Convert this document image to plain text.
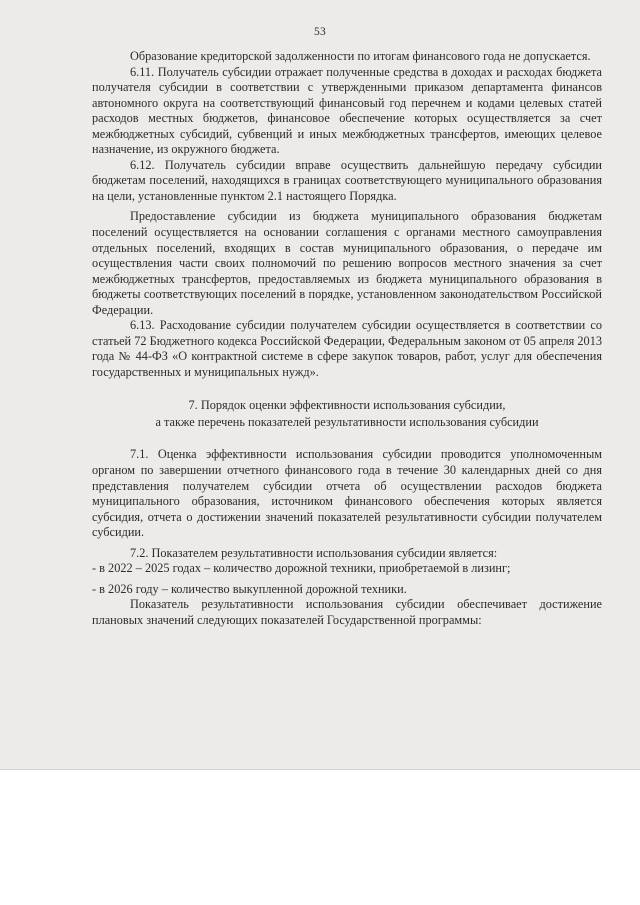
53

Образование кредиторской задолженности по итогам финансового года не допускается.

6.11. Получатель субсидии отражает полученные средства в доходах и расходах бюджета получателя субсидии в соответствии с утвержденными приказом департамента финансов автономного округа на соответствующий финансовый год перечнем и кодами целевых статей расходов местных бюджетов, финансовое обеспечение которых осуществляется за счет межбюджетных субсидий, субвенций и иных межбюджетных трансфертов, имеющих целевое назначение, из окружного бюджета.

6.12. Получатель субсидии вправе осуществить дальнейшую передачу субсидии бюджетам поселений, находящихся в границах соответствующего муниципального образования на цели, установленные пунктом 2.1 настоящего Порядка.

Предоставление субсидии из бюджета муниципального образования бюджетам поселений осуществляется на основании соглашения с органами местного самоуправления отдельных поселений, входящих в состав муниципального образования, о передаче им осуществления части своих полномочий по решению вопросов местного значения за счет межбюджетных трансфертов, предоставляемых из бюджета муниципального образования в бюджеты соответствующих поселений в порядке, установленном законодательством Российской Федерации.

6.13. Расходование субсидии получателем субсидии осуществляется в соответствии со статьей 72 Бюджетного кодекса Российской Федерации, Федеральным законом от 05 апреля 2013 года № 44-ФЗ «О контрактной системе в сфере закупок товаров, работ, услуг для обеспечения государственных и муниципальных нужд».

7. Порядок оценки эффективности использования субсидии,
а также перечень показателей результативности использования субсидии

7.1. Оценка эффективности использования субсидии проводится уполномоченным органом по завершении отчетного финансового года в течение 30 календарных дней со дня представления получателем субсидии отчета об осуществлении расходов бюджета муниципального образования, источником финансового обеспечения которых является субсидия, отчета о достижении значений показателей результативности субсидии получателем субсидии.

7.2. Показателем результативности использования субсидии является:

- в 2022 – 2025 годах – количество дорожной техники, приобретаемой в лизинг;

- в 2026 году – количество выкупленной дорожной техники.

Показатель результативности использования субсидии обеспечивает достижение плановых значений следующих показателей Государственной программы:
